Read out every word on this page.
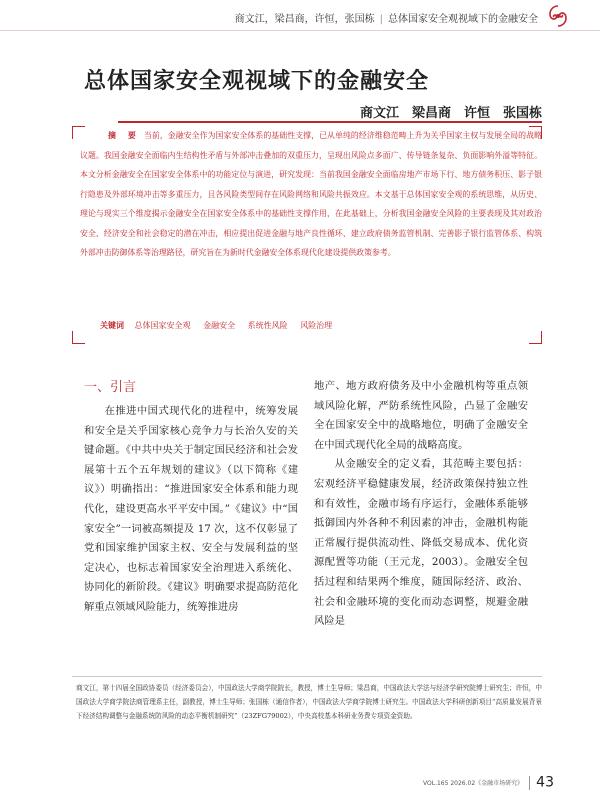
商文江，梁昌商，许恒，张国栋 | 总体国家安全观视域下的金融安全
总体国家安全观视域下的金融安全
商文江　梁昌商　许恒　张国栋
摘　要 当前，金融安全作为国家安全体系的基础性支撑，已从单纯的经济维稳范畴上升为关乎国家主权与发展全局的战略议题。我国金融安全面临内生结构性矛盾与外部冲击叠加的双重压力，呈现出风险点多面广、传导链条复杂、负面影响外溢等特征。本文分析金融安全在国家安全体系中的功能定位与演进，研究发现：当前我国金融安全面临房地产市场下行、地方债务积压、影子银行隐患及外部环境冲击等多重压力，且各风险类型间存在风险网络和风险共振效应。本文基于总体国家安全观的系统思维，从历史、理论与现实三个维度揭示金融安全在国家安全体系中的基础性支撑作用，在此基础上，分析我国金融安全风险的主要表现及其对政治安全、经济安全和社会稳定的潜在冲击，相应提出促进金融与地产良性循环、建立政府债务监管机制、完善影子银行监管体系、构筑外部冲击防御体系等治理路径，研究旨在为新时代金融安全体系现代化建设提供政策参考。
关键词 总体国家安全观 金融安全 系统性风险 风险治理
一、引言

在推进中国式现代化的进程中，统筹发展和安全是关乎国家核心竞争力与长治久安的关键命题。《中共中央关于制定国民经济和社会发展第十五个五年规划的建议》（以下简称《建议》）明确指出：“推进国家安全体系和能力现代化，建设更高水平平安中国。”《建议》中“国家安全”一词被高频提及 17 次，这不仅彰显了党和国家维护国家主权、安全与发展利益的坚定决心，也标志着国家安全治理进入系统化、协同化的新阶段。《建议》明确要求提高防范化解重点领域风险能力，统筹推进房

地产、地方政府债务及中小金融机构等重点领域风险化解，严防系统性风险，凸显了金融安全在国家安全中的战略地位，明确了金融安全在中国式现代化全局的战略高度。

从金融安全的定义看，其范畴主要包括：宏观经济平稳健康发展，经济政策保持独立性和有效性，金融市场有序运行，金融体系能够抵御国内外各种不利因素的冲击，金融机构能正常履行提供流动性、降低交易成本、优化资源配置等功能（王元龙，2003）。金融安全包括过程和结果两个维度，随国际经济、政治、社会和金融环境的变化而动态调整，规避金融风险是

商文江，第十四届全国政协委员（经济委员会），中国政法大学商学院院长，教授，博士生导师；梁昌商，中国政法大学法与经济学研究院博士研究生；许恒，中国政法大学商学院法商管理系主任，副教授，博士生导师；张国栋（通信作者），中国政法大学商学院博士研究生。中国政法大学科研创新项目“高质量发展背景下经济结构调整与金融系统防风险的动态平衡机制研究”（23ZFG79002），中央高校基本科研业务费专项资金资助。
VOL.165 2026.02《金融市场研究》 43
